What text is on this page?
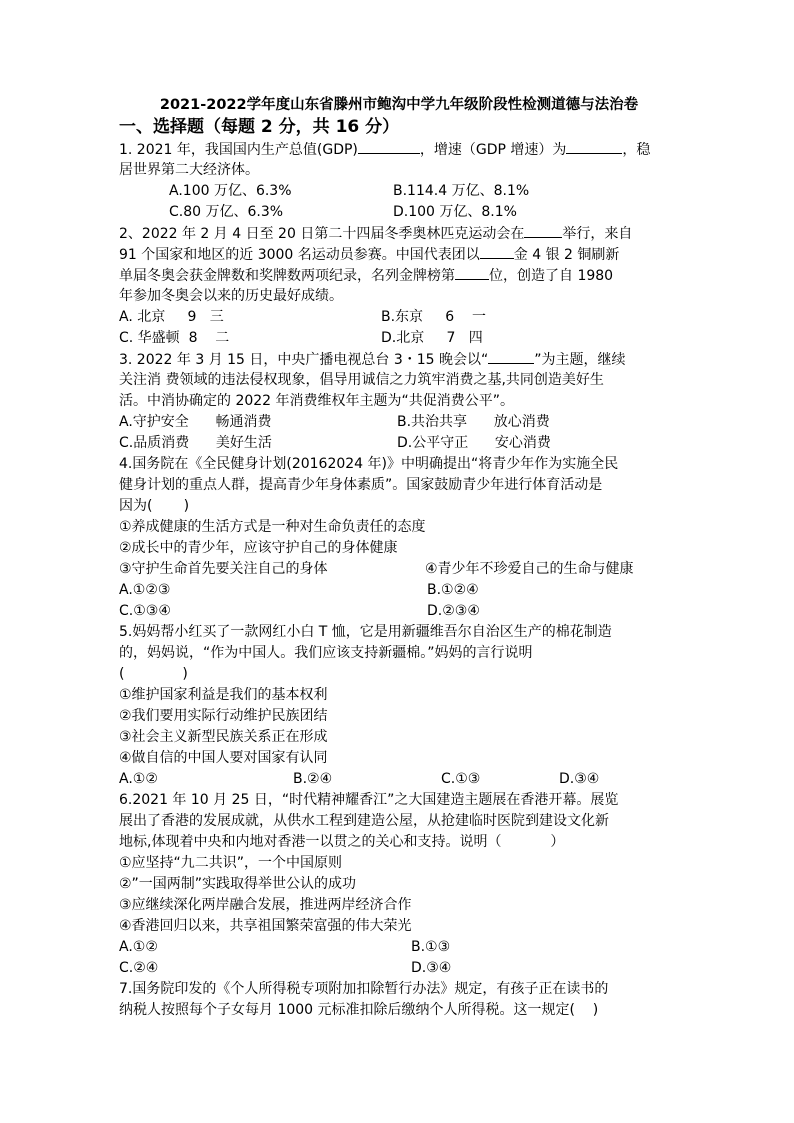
2021-2022学年度山东省滕州市鲍沟中学九年级阶段性检测道德与法治卷
一、选择题（每题 2 分，共 16 分）
1. 2021 年，我国国内生产总值(GDP)	，增速（GDP 增速）为	，稳
居世界第二大经济体。
A.100 万亿、6.3%	B.114.4 万亿、8.1%
C.80 万亿、6.3%	D.100 万亿、8.1%
2、2022 年 2 月 4 日至 20 日第二十四届冬季奥林匹克运动会在	举行，来自
91 个国家和地区的近 3000 名运动员参赛。中国代表团以 金 4 银 2 铜刷新
单届冬奥会获金牌数和奖牌数两项纪录，名列金牌榜第 位，创造了自 1980
年参加冬奥会以来的历史最好成绩。
A. 北京     9   三	B.东京     6    一
C. 华盛顿  8    二	D.北京     7   四
3. 2022 年 3 月 15 日，中央广播电视总台 3・15 晚会以“	”为主题，继续
关注消 费领域的违法侵权现象，倡导用诚信之力筑牢消费之基,共同创造美好生
活。中消协确定的 2022 年消费维权年主题为“共促消费公平”。
A.守护安全      畅通消费	B.共治共享      放心消费
C.品质消费      美好生活	D.公平守正      安心消费
4.国务院在《全民健身计划(20162024 年)》中明确提出“将青少年作为实施全民
健身计划的重点人群，提高青少年身体素质”。国家鼓励青少年进行体育活动是
因为(       )
①养成健康的生活方式是一种对生命负责任的态度
②成长中的青少年，应该守护自己的身体健康
③守护生命首先要关注自己的身体	④青少年不珍爱自己的生命与健康
A.①②③	B.①②④
C.①③④	D.②③④
5.妈妈帮小红买了一款网红小白 T 恤，它是用新疆维吾尔自治区生产的棉花制造
的，妈妈说，“作为中国人。我们应该支持新疆棉。”妈妈的言行说明
(             )
①维护国家利益是我们的基本权利
②我们要用实际行动维护民族团结
③社会主义新型民族关系正在形成
④做自信的中国人要对国家有认同
A.①②	B.②④	C.①③	D.③④
6.2021 年 10 月 25 日，“时代精神耀香江”之大国建造主题展在香港开幕。展览
展出了香港的发展成就，从供水工程到建造公屋，从抢建临时医院到建设文化新
地标,体现着中央和内地对香港一以贯之的关心和支持。说明（           ）
①应坚持“九二共识”，一个中国原则
②”一国两制”实践取得举世公认的成功
③应继续深化两岸融合发展，推进两岸经济合作
④香港回归以来，共享祖国繁荣富强的伟大荣光
A.①②	B.①③
C.②④	D.③④
7.国务院印发的《个人所得税专项附加扣除暂行办法》规定，有孩子正在读书的
纳税人按照每个子女每月 1000 元标准扣除后缴纳个人所得税。这一规定(    )
